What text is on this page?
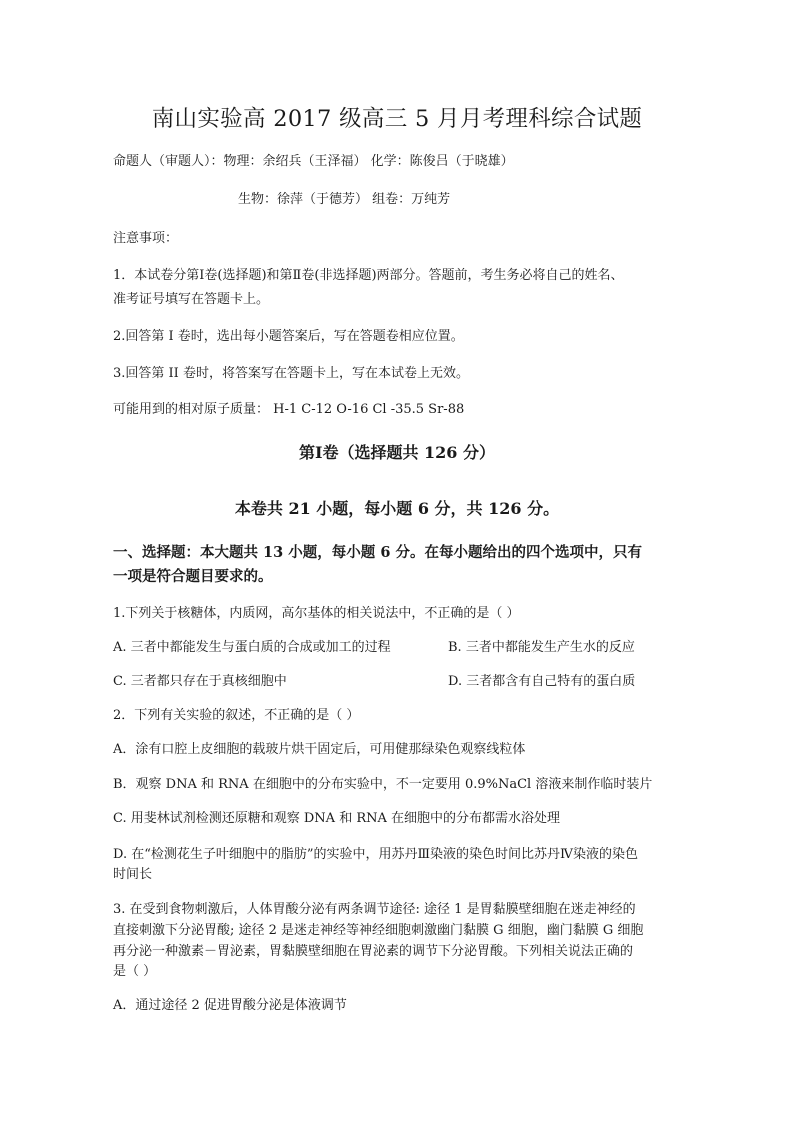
南山实验高 2017 级高三 5 月月考理科综合试题
命题人（审题人）：物理：余绍兵（王泽福） 化学：陈俊吕（于晓雄）
生物：徐萍（于德芳） 组卷：万纯芳
注意事项：
1．本试卷分第Ⅰ卷(选择题)和第Ⅱ卷(非选择题)两部分。答题前，考生务必将自己的姓名、
准考证号填写在答题卡上。
2.回答第 I 卷时，选出每小题答案后，写在答题卷相应位置。
3.回答第 II 卷时，将答案写在答题卡上，写在本试卷上无效。
可能用到的相对原子质量： H-1 C-12 O-16 Cl -35.5 Sr-88
第Ⅰ卷（选择题共 126 分）
本卷共 21 小题，每小题 6 分，共 126 分。
一、选择题：本大题共 13 小题，每小题 6 分。在每小题给出的四个选项中，只有
一项是符合题目要求的。
1.下列关于核糖体，内质网，高尔基体的相关说法中，不正确的是（ ）
A. 三者中都能发生与蛋白质的合成或加工的过程	B. 三者中都能发生产生水的反应
C. 三者都只存在于真核细胞中	D. 三者都含有自己特有的蛋白质
2．下列有关实验的叙述，不正确的是（ ）
A．涂有口腔上皮细胞的载玻片烘干固定后，可用健那绿染色观察线粒体
B．观察 DNA 和 RNA 在细胞中的分布实验中，不一定要用 0.9%NaCl 溶液来制作临时装片
C. 用斐林试剂检测还原糖和观察 DNA 和 RNA 在细胞中的分布都需水浴处理
D. 在“检测花生子叶细胞中的脂肪”的实验中，用苏丹Ⅲ染液的染色时间比苏丹Ⅳ染液的染色
时间长
3. 在受到食物刺激后，人体胃酸分泌有两条调节途径: 途径 1 是胃黏膜壁细胞在迷走神经的
直接刺激下分泌胃酸; 途径 2 是迷走神经等神经细胞刺激幽门黏膜 G 细胞，幽门黏膜 G 细胞
再分泌一种激素－胃泌素，胃黏膜壁细胞在胃泌素的调节下分泌胃酸。下列相关说法正确的
是（ ）
A．通过途径 2 促进胃酸分泌是体液调节
